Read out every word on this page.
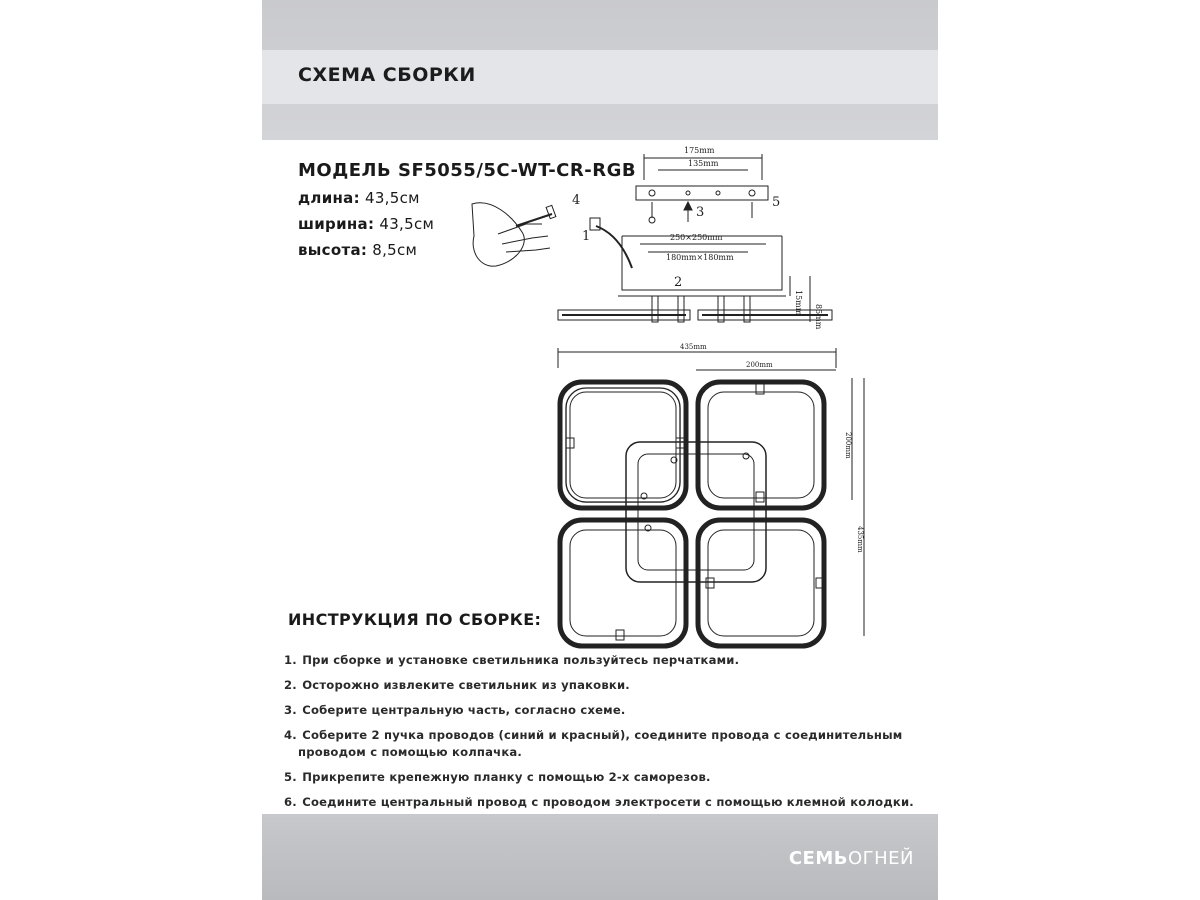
СХЕМА СБОРКИ
МОДЕЛЬ SF5055/5C-WT-CR-RGB
длина: 43,5см
ширина: 43,5см
высота: 8,5см
175mm
135mm
250×250mm
180mm×180mm
15mm
85mm
4
3
5
2
1
435mm
200mm
200mm
435mm
ИНСТРУКЦИЯ ПО СБОРКЕ:
1. При сборке и установке светильника пользуйтесь перчатками.
2. Осторожно извлеките светильник из упаковки.
3. Соберите центральную часть, согласно схеме.
4. Соберите 2 пучка проводов (синий и красный), соедините провода с соединительным
проводом с помощью колпачка.
5. Прикрепите крепежную планку с помощью 2-х саморезов.
6. Соедините центральный провод с проводом электросети с помощью клемной колодки.
СЕМЬОГНЕЙ
